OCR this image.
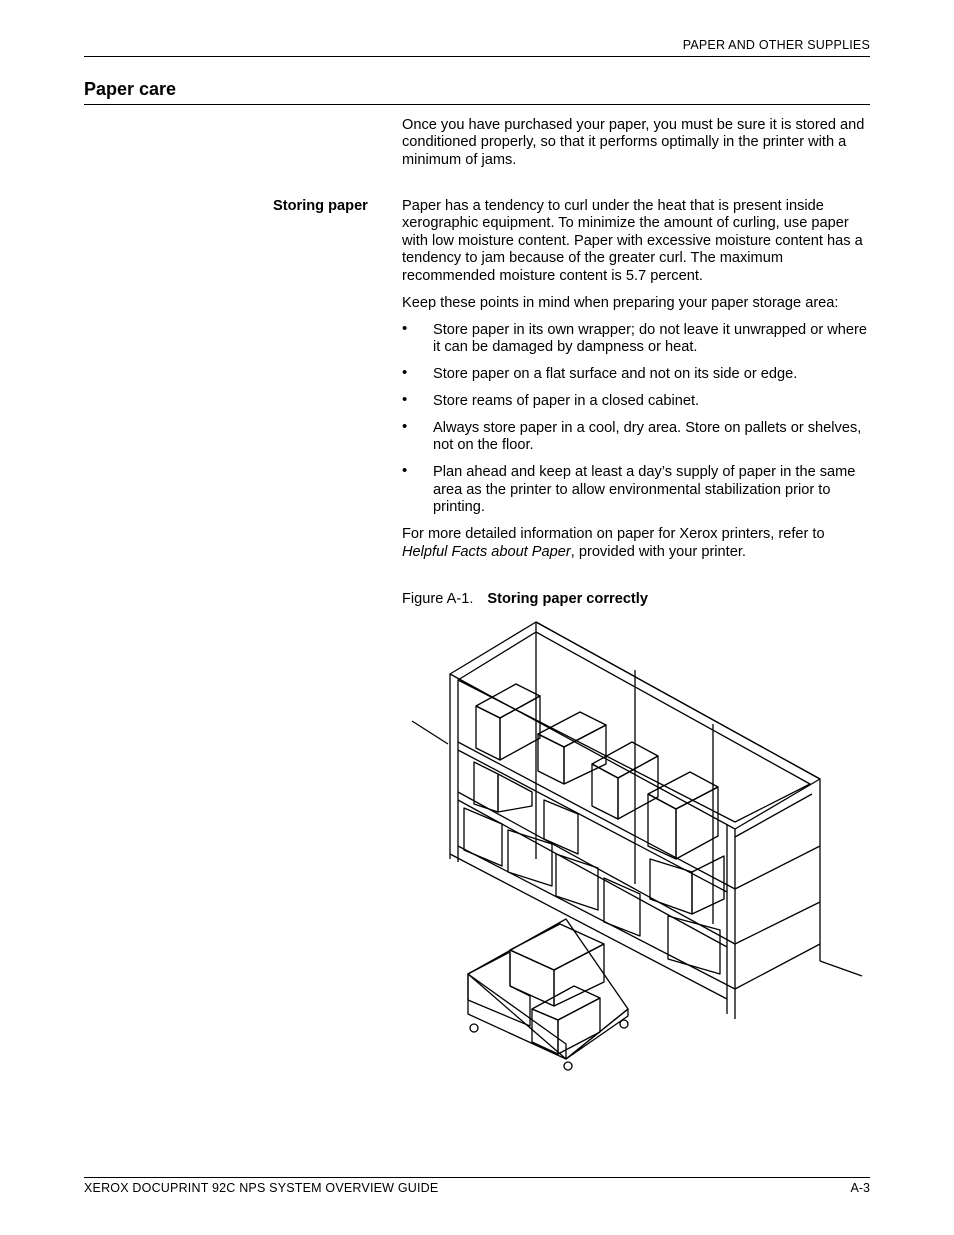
PAPER AND OTHER SUPPLIES
Paper care

Once you have purchased your paper, you must be sure it is stored and conditioned properly, so that it performs optimally in the printer with a minimum of jams.

Storing paper Paper has a tendency to curl under the heat that is present inside xerographic equipment. To minimize the amount of curling, use paper with low moisture content. Paper with excessive moisture content has a tendency to jam because of the greater curl. The maximum recommended moisture content is 5.7 percent.

Keep these points in mind when preparing your paper storage area:

• Store paper in its own wrapper; do not leave it unwrapped or where it can be damaged by dampness or heat.
• Store paper on a flat surface and not on its side or edge.
• Store reams of paper in a closed cabinet.
• Always store paper in a cool, dry area. Store on pallets or shelves, not on the floor.
• Plan ahead and keep at least a day’s supply of paper in the same area as the printer to allow environmental stabilization prior to printing.

For more detailed information on paper for Xerox printers, refer to Helpful Facts about Paper, provided with your printer.

Figure A-1. Storing paper correctly
XEROX DOCUPRINT 92C NPS SYSTEM OVERVIEW GUIDE	A-3
